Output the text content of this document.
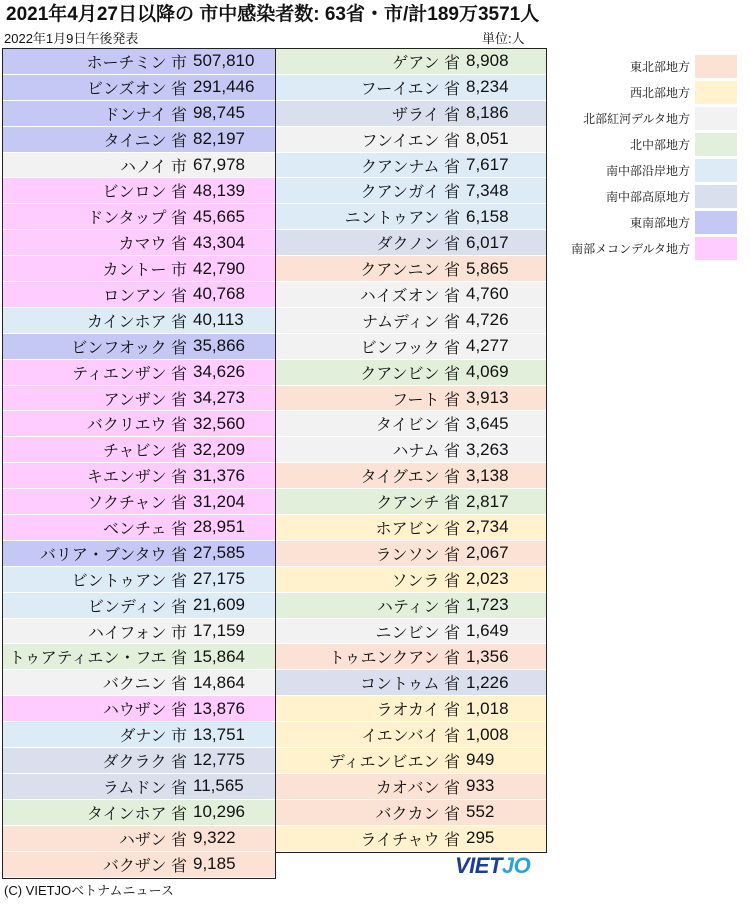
2021年4月27日以降の 市中感染者数: 63省・市/計189万3571人
2022年1月9日午後発表	単位:人
ホーチミン 市 507,810
ビンズオン 省 291,446
ドンナイ 省 98,745
タイニン 省 82,197
ハノイ 市 67,978
ビンロン 省 48,139
ドンタップ 省 45,665
カマウ 省 43,304
カントー 市 42,790
ロンアン 省 40,768
カインホア 省 40,113
ビンフオック 省 35,866
ティエンザン 省 34,626
アンザン 省 34,273
バクリエウ 省 32,560
チャビン 省 32,209
キエンザン 省 31,376
ソクチャン 省 31,204
ベンチェ 省 28,951
バリア・ブンタウ 省 27,585
ビントゥアン 省 27,175
ビンディン 省 21,609
ハイフォン 市 17,159
トゥアティエン・フエ 省 15,864
バクニン 省 14,864
ハウザン 省 13,876
ダナン 市 13,751
ダクラク 省 12,775
ラムドン 省 11,565
タインホア 省 10,296
ハザン 省 9,322
バクザン 省 9,185
ゲアン 省 8,908
フーイエン 省 8,234
ザライ 省 8,186
フンイエン 省 8,051
クアンナム 省 7,617
クアンガイ 省 7,348
ニントゥアン 省 6,158
ダクノン 省 6,017
クアンニン 省 5,865
ハイズオン 省 4,760
ナムディン 省 4,726
ビンフック 省 4,277
クアンビン 省 4,069
フート 省 3,913
タイビン 省 3,645
ハナム 省 3,263
タイグエン 省 3,138
クアンチ 省 2,817
ホアビン 省 2,734
ランソン 省 2,067
ソンラ 省 2,023
ハティン 省 1,723
ニンビン 省 1,649
トゥエンクアン 省 1,356
コントゥム 省 1,226
ラオカイ 省 1,018
イエンバイ 省 1,008
ディエンビエン 省 949
カオバン 省 933
バクカン 省 552
ライチャウ 省 295
東北部地方
西北部地方
北部紅河デルタ地方
北中部地方
南中部沿岸地方
南中部高原地方
東南部地方
南部メコンデルタ地方
VIETJO
(C) VIETJOベトナムニュース
